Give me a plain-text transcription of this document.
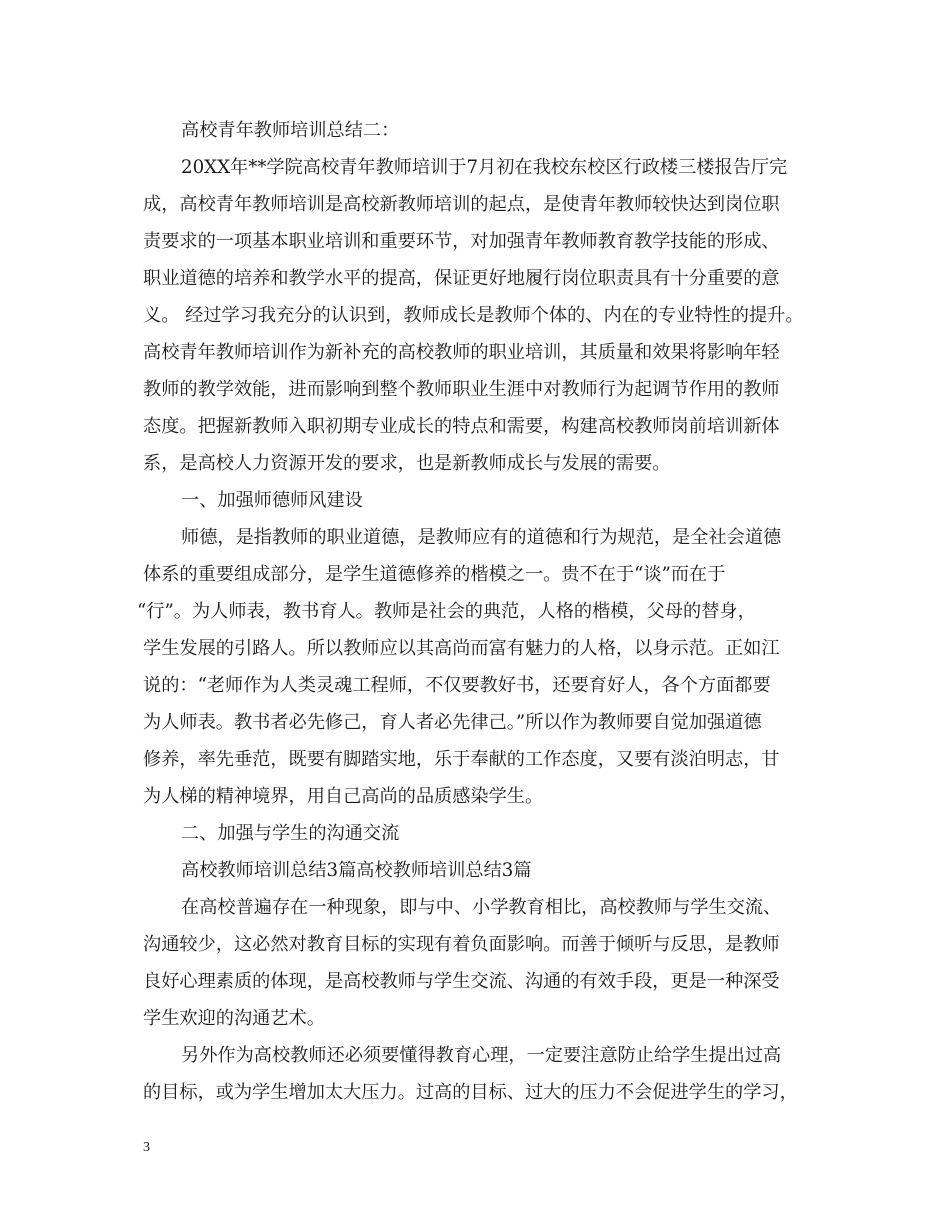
高校青年教师培训总结二：
20XX年**学院高校青年教师培训于7月初在我校东校区行政楼三楼报告厅完
成，高校青年教师培训是高校新教师培训的起点，是使青年教师较快达到岗位职
责要求的一项基本职业培训和重要环节，对加强青年教师教育教学技能的形成、
职业道德的培养和教学水平的提高，保证更好地履行岗位职责具有十分重要的意
义。 经过学习我充分的认识到，教师成长是教师个体的、内在的专业特性的提升。
高校青年教师培训作为新补充的高校教师的职业培训，其质量和效果将影响年轻
教师的教学效能，进而影响到整个教师职业生涯中对教师行为起调节作用的教师
态度。把握新教师入职初期专业成长的特点和需要，构建高校教师岗前培训新体
系，是高校人力资源开发的要求，也是新教师成长与发展的需要。
一、加强师德师风建设
师德，是指教师的职业道德，是教师应有的道德和行为规范，是全社会道德
体系的重要组成部分，是学生道德修养的楷模之一。贵不在于“谈”而在于
“行”。为人师表，教书育人。教师是社会的典范，人格的楷模，父母的替身，
学生发展的引路人。所以教师应以其高尚而富有魅力的人格，以身示范。正如江
说的：“老师作为人类灵魂工程师，不仅要教好书，还要育好人，各个方面都要
为人师表。教书者必先修己，育人者必先律己。”所以作为教师要自觉加强道德
修养，率先垂范，既要有脚踏实地，乐于奉献的工作态度，又要有淡泊明志，甘
为人梯的精神境界，用自己高尚的品质感染学生。
二、加强与学生的沟通交流
高校教师培训总结3篇高校教师培训总结3篇
在高校普遍存在一种现象，即与中、小学教育相比，高校教师与学生交流、
沟通较少，这必然对教育目标的实现有着负面影响。而善于倾听与反思，是教师
良好心理素质的体现，是高校教师与学生交流、沟通的有效手段，更是一种深受
学生欢迎的沟通艺术。
另外作为高校教师还必须要懂得教育心理，一定要注意防止给学生提出过高
的目标，或为学生增加太大压力。过高的目标、过大的压力不会促进学生的学习，
3
